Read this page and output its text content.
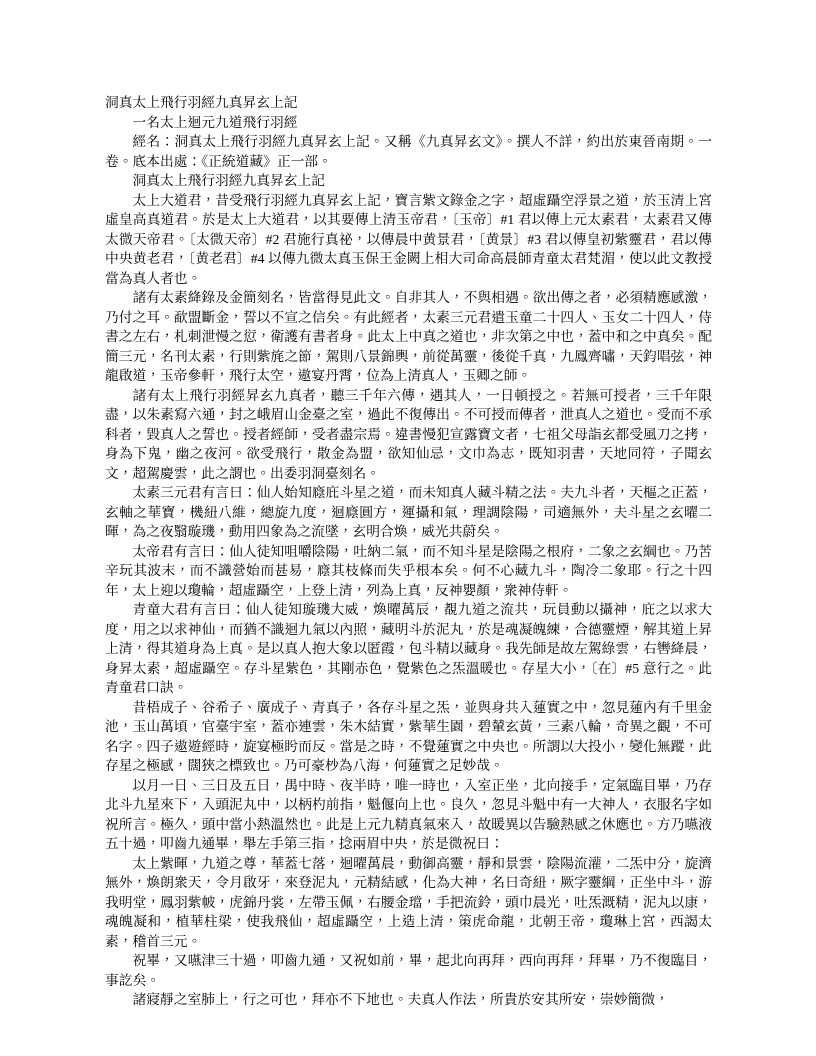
洞真太上飛行羽經九真昇玄上記

一名太上迴元九道飛行羽經

經名：洞真太上飛行羽經九真昇玄上記。又稱《九真昇玄文》。撰人不詳，約出於東晉南期。一卷。底本出處：《正統道藏》正一部。

洞真太上飛行羽經九真昇玄上記

太上大道君，昔受飛行羽經九真昇玄上記，寶言紫文錄金之字，超虛躡空浮景之道，於玉清上宮虛皇高真道君。於是太上大道君，以其要傳上清玉帝君，〔玉帝〕#1 君以傳上元太素君，太素君又傳太微天帝君。〔太微天帝〕#2 君施行真祕，以傳晨中黄景君，〔黄景〕#3 君以傳皇初紫靈君，君以傳中央黄老君，〔黄老君〕#4 以傳九微太真玉保王金闕上相大司命高晨師青童太君梵湄，使以此文教授當為真人者也。

諸有太素絳錄及金簡刻名，皆當得見此文。自非其人，不與相遇。欲出傳之者，必須精應感激，乃付之耳。歃盟斷金，誓以不宣之信矣。有此經者，太素三元君遣玉童二十四人、玉女二十四人，侍書之左右，札刺泄慢之愆，衛護有書者身。此太上中真之道也，非次第之中也，蓋中和之中真矣。配簡三元，名刊太素，行則紫旄之節，駕則八景錦輿，前從萬靈，後從千真，九鳳齊嘯，天鈞唱弦，神龍啟道，玉帝參軒，飛行太空，遨宴丹霄，位為上清真人，玉卿之師。

諸有太上飛行羽經昇玄九真者，聽三千年六傳，遇其人，一日頓授之。若無可授者，三千年限盡，以朱素寫六通，封之峨眉山金臺之室，過此不復傳出。不可授而傳者，泄真人之道也。受而不承科者，毀真人之誓也。授者經師，受者盡宗焉。違書慢犯宣露寶文者，七祖父母詣玄都受風刀之拷，身為下鬼，幽之夜河。欲受飛行，散金為盟，欲知仙忌，文巾為志，既知羽書，天地同符，子聞玄文，超駕慶雲，此之謂也。出委羽洞臺刻名。

太素三元君有言曰：仙人始知廕庇斗星之道，而未知真人藏斗精之法。夫九斗者，天樞之正蓋，玄軸之華寶，機紐八維，總旋九度，迴廕圓方，運攝和氣，理調陰陽，司適無外，夫斗星之玄曜二暉，為之夜翳璇璣，動用四象為之流墜，玄明合煥，威光共蔚矣。

太帝君有言曰：仙人徒知咀嚼陰陽，吐納二氣，而不知斗星是陰陽之根府，二象之玄綱也。乃苦辛玩其波末，而不識營始而甚易，廕其枝條而失乎根本矣。何不心藏九斗，陶冷二象耶。行之十四年，太上迎以瓊輪，超虛躡空，上登上清，列為上真，反神嬰顏，衆神侍軒。

青童大君有言曰：仙人徒知璇璣大威，煥曜萬辰，覩九道之流共，玩員動以攝神，庇之以求大度，用之以求神仙，而猶不識迴九氣以內照，藏明斗於泥丸，於是魂凝魄練，合德靈煙，解其道上昇上清，得其道身為上真。是以真人抱大象以匿霞，包斗精以藏身。我先師是故左駕綠雲，右轡絳晨，身昇太素，超虛躡空。存斗星紫色，其剛赤色，覺紫色之炁溫暖也。存星大小，〔在〕#5 意行之。此青童君口訣。

昔梧成子、谷希子、廣成子、青真子，各存斗星之炁，並與身共入蓮實之中，忽見蓮內有千里金池，玉山萬頃，官臺宇室，蓋亦連雲，朱木結實，紫華生園，碧輦玄黃，三素八輪，奇異之觀，不可名字。四子遨遊經時，旋宴極盻而反。當是之時，不覺蓮實之中央也。所謂以大投小，變化無蹤，此存星之極感，闊狹之標致也。乃可豪杪為八海，何蓮實之足妙哉。

以月一日、三日及五日，禺中時、夜半時，唯一時也，入室正坐，北向接手，定氣臨目畢，乃存北斗九星來下，入頭泥丸中，以柄杓前指，魁偃向上也。良久，忽見斗魁中有一大神人，衣服名字如祝所言。極久，頭中當小熱溫然也。此是上元九精真氣來入，故暖異以告驗熱感之休應也。方乃嚥液五十過，叩齒九通畢，舉左手第三指，捻兩眉中央，於是微祝曰：

太上紫暉，九道之尊，華蓋七落，迴曜萬晨，動御高靈，靜和景雲，陰陽流灌，二炁中分，旋濟無外，煥朗衆天，令月啟牙，來登泥丸，元精結感，化為大神，名曰奇紐，厥字靈綱，正坐中斗，游我明堂，鳳羽紫帔，虎錦丹裳，左帶玉佩，右腰金璫，手把流鈴，頭巾晨光，吐炁溉精，泥丸以康，魂魄凝和，植華柱梁，使我飛仙，超虛躡空，上造上清，策虎命龍，北朝王帝，瓊琳上宮，西謁太素，稽首三元。

祝畢，又嚥津三十過，叩齒九通，又祝如前，畢，起北向再拜，西向再拜，拜畢，乃不復臨目，事訖矣。

諸寢靜之室肺上，行之可也，拜亦不下地也。夫真人作法，所貴於安其所安，崇妙簡微，
